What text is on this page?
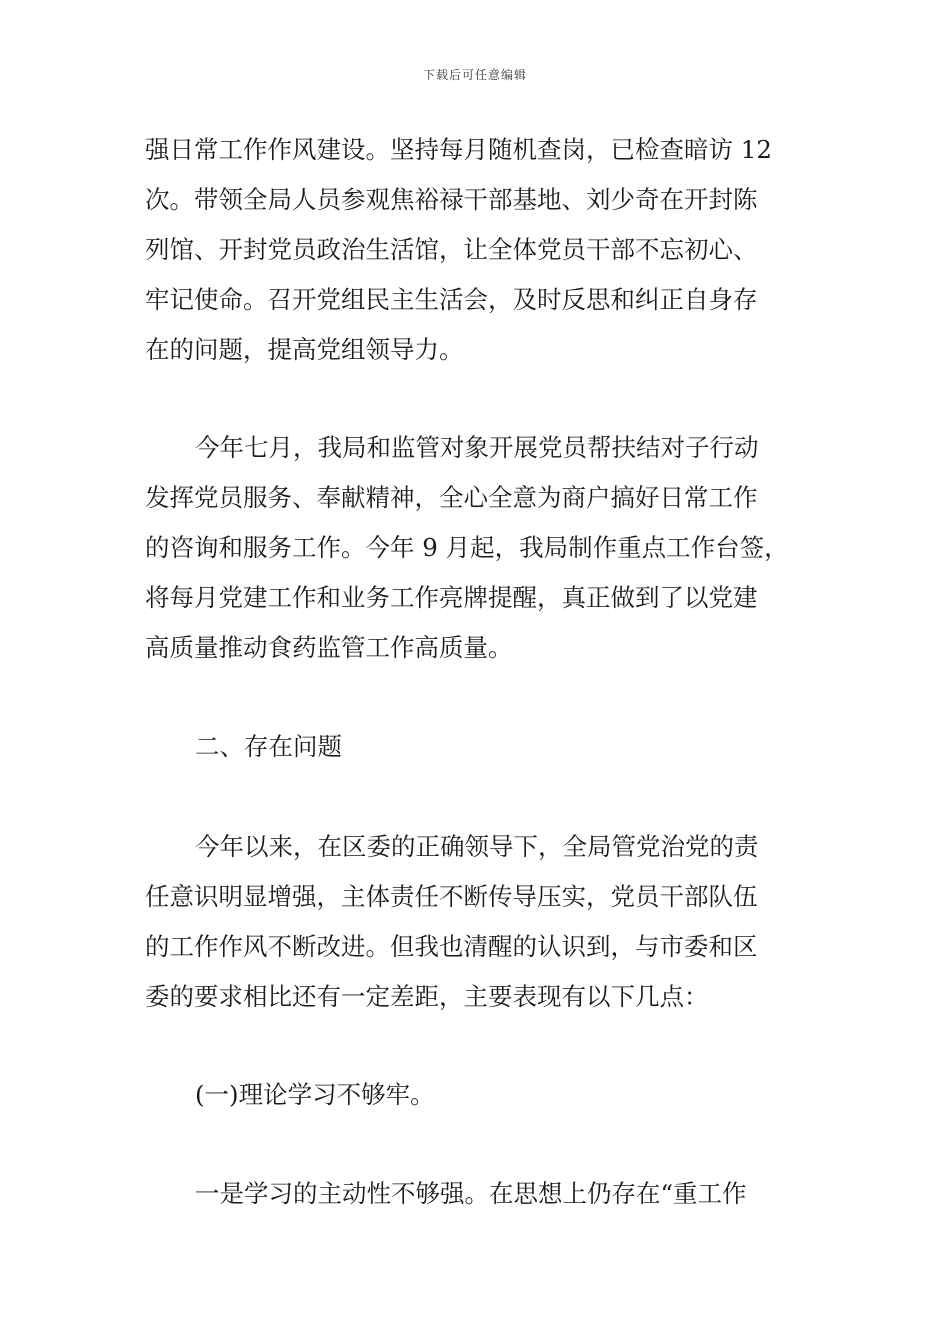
下载后可任意编辑
强日常工作作风建设。坚持每月随机查岗，已检查暗访 12
次。带领全局人员参观焦裕禄干部基地、刘少奇在开封陈
列馆、开封党员政治生活馆，让全体党员干部不忘初心、
牢记使命。召开党组民主生活会，及时反思和纠正自身存
在的问题，提高党组领导力。
今年七月，我局和监管对象开展党员帮扶结对子行动
发挥党员服务、奉献精神，全心全意为商户搞好日常工作
的咨询和服务工作。今年 9 月起，我局制作重点工作台签，
将每月党建工作和业务工作亮牌提醒，真正做到了以党建
高质量推动食药监管工作高质量。
二、存在问题
今年以来，在区委的正确领导下，全局管党治党的责
任意识明显增强，主体责任不断传导压实，党员干部队伍
的工作作风不断改进。但我也清醒的认识到，与市委和区
委的要求相比还有一定差距，主要表现有以下几点：
(一)理论学习不够牢。
一是学习的主动性不够强。在思想上仍存在“重工作
